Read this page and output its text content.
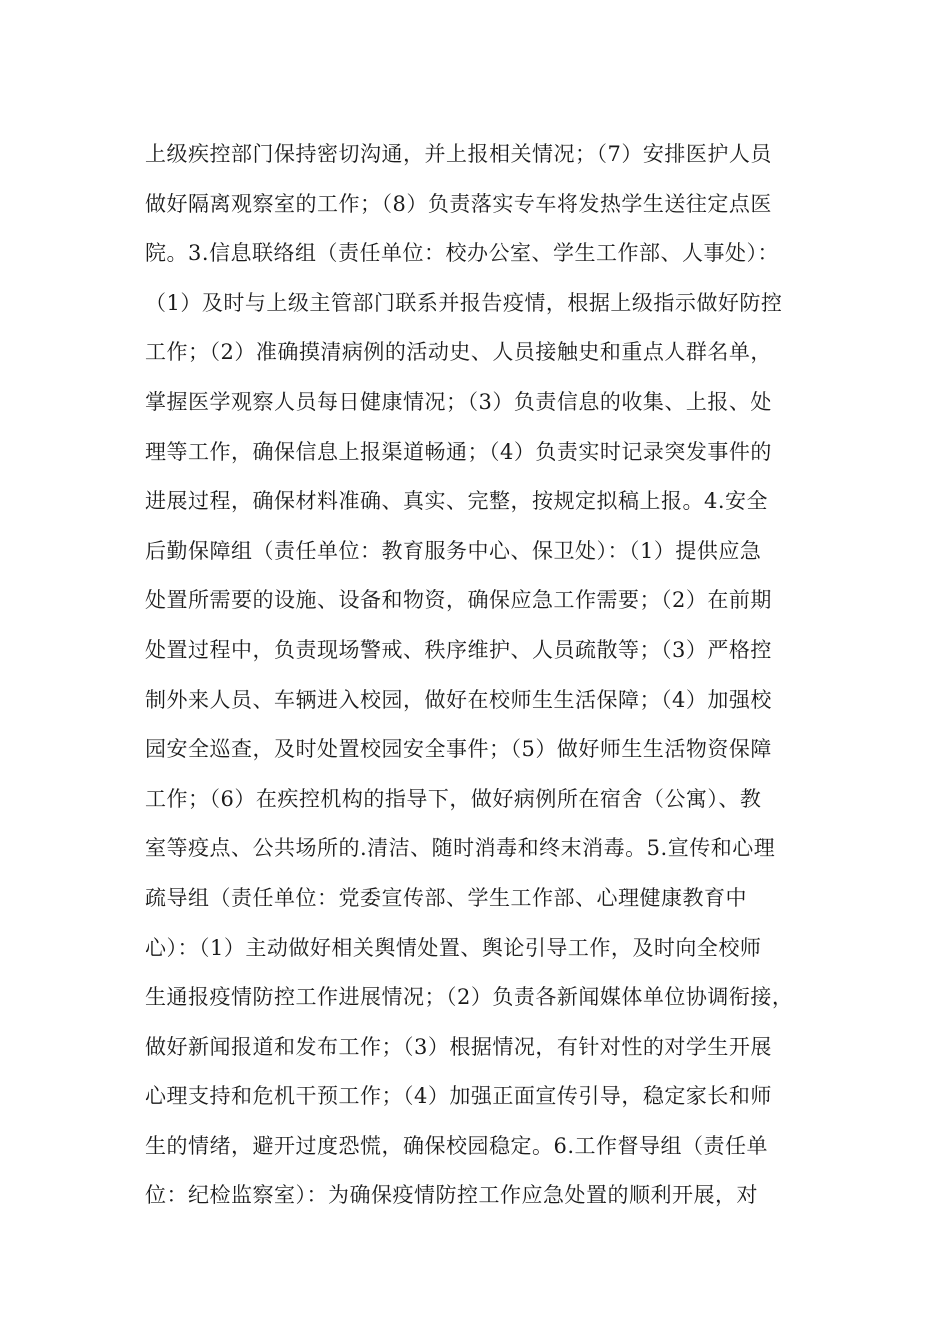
上级疾控部门保持密切沟通，并上报相关情况；（7）安排医护人员
做好隔离观察室的工作；（8）负责落实专车将发热学生送往定点医
院。3.信息联络组（责任单位：校办公室、学生工作部、人事处）：
（1）及时与上级主管部门联系并报告疫情，根据上级指示做好防控
工作；（2）准确摸清病例的活动史、人员接触史和重点人群名单，
掌握医学观察人员每日健康情况；（3）负责信息的收集、上报、处
理等工作，确保信息上报渠道畅通；（4）负责实时记录突发事件的
进展过程，确保材料准确、真实、完整，按规定拟稿上报。4.安全
后勤保障组（责任单位：教育服务中心、保卫处）：（1）提供应急
处置所需要的设施、设备和物资，确保应急工作需要；（2）在前期
处置过程中，负责现场警戒、秩序维护、人员疏散等；（3）严格控
制外来人员、车辆进入校园，做好在校师生生活保障；（4）加强校
园安全巡查，及时处置校园安全事件；（5）做好师生生活物资保障
工作；（6）在疾控机构的指导下，做好病例所在宿舍（公寓）、教
室等疫点、公共场所的.清洁、随时消毒和终末消毒。5.宣传和心理
疏导组（责任单位：党委宣传部、学生工作部、心理健康教育中
心）：（1）主动做好相关舆情处置、舆论引导工作，及时向全校师
生通报疫情防控工作进展情况；（2）负责各新闻媒体单位协调衔接，
做好新闻报道和发布工作；（3）根据情况，有针对性的对学生开展
心理支持和危机干预工作；（4）加强正面宣传引导，稳定家长和师
生的情绪，避开过度恐慌，确保校园稳定。6.工作督导组（责任单
位：纪检监察室）：为确保疫情防控工作应急处置的顺利开展，对
